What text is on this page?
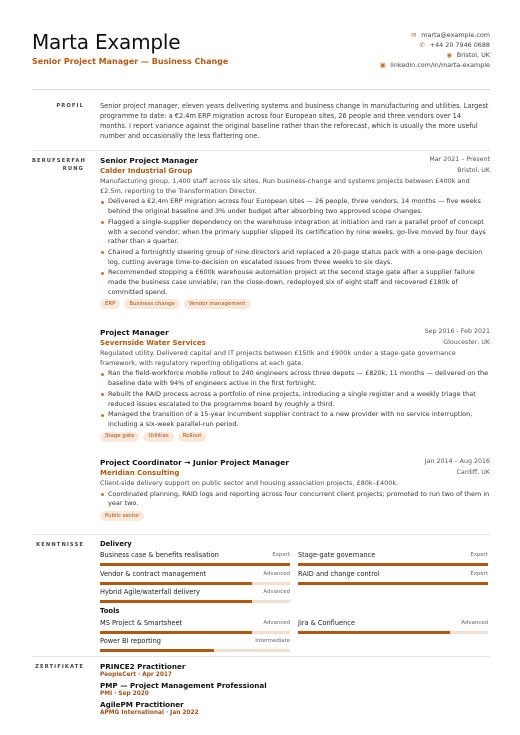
Marta Example
Senior Project Manager — Business Change
✉ marta@example.com
✆ +44 20 7946 0688
◉ Bristol, UK
▣ linkedin.com/in/marta-example
PROFIL Senior project manager, eleven years delivering systems and business change in manufacturing and utilities. Largest programme to date: a €2.4m ERP migration across four European sites, 26 people and three vendors over 14 months. I report variance against the original baseline rather than the reforecast, which is usually the more useful number and occasionally the less flattering one.
BERUFSERFAH
RUNG
Senior Project Manager	Mar 2021 – Present
Calder Industrial Group	Bristol, UK
Manufacturing group, 1,400 staff across six sites. Run business-change and systems projects between £400k and £2.5m, reporting to the Transformation Director.
Delivered a €2.4m ERP migration across four European sites — 26 people, three vendors, 14 months — five weeks behind the original baseline and 3% under budget after absorbing two approved scope changes.
Flagged a single-supplier dependency on the warehouse integration at initiation and ran a parallel proof of concept with a second vendor; when the primary supplier slipped its certification by nine weeks, go-live moved by four days rather than a quarter.
Chaired a fortnightly steering group of nine directors and replaced a 20-page status pack with a one-page decision log, cutting average time-to-decision on escalated issues from three weeks to six days.
Recommended stopping a £600k warehouse automation project at the second stage gate after a supplier failure made the business case unviable; ran the close-down, redeployed six of eight staff and recovered £180k of committed spend.
ERP	Business change	Vendor management
Project Manager	Sep 2016 - Feb 2021
Severnside Water Services	Gloucester, UK
Regulated utility. Delivered capital and IT projects between £150k and £900k under a stage-gate governance framework, with regulatory reporting obligations at each gate.
Ran the field-workforce mobile rollout to 240 engineers across three depots — £820k, 11 months — delivered on the baseline date with 94% of engineers active in the first fortnight.
Rebuilt the RAID process across a portfolio of nine projects, introducing a single register and a weekly triage that reduced issues escalated to the programme board by roughly a third.
Managed the transition of a 15-year incumbent supplier contract to a new provider with no service interruption, including a six-week parallel-run period.
Stage gate	Utilities	Rollout
Project Coordinator → Junior Project Manager	Jan 2014 – Aug 2016
Meridian Consulting	Cardiff, UK
Client-side delivery support on public sector and housing association projects, £80k–£400k.
Coordinated planning, RAID logs and reporting across four concurrent client projects; promoted to run two of them in year two.
Public sector
KENNTNISSE Delivery
Business case & benefits realisation	Expert Stage-gate governance	Expert
Vendor & contract management	Advanced RAID and change control	Expert
Hybrid Agile/waterfall delivery	Advanced
Tools
MS Project & Smartsheet	Advanced Jira & Confluence	Advanced
Power BI reporting	Intermediate
ZERTIFIKATE PRINCE2 Practitioner
PeopleCert · Apr 2017
PMP — Project Management Professional
PMI · Sep 2020
AgilePM Practitioner
APMG International · Jan 2022
